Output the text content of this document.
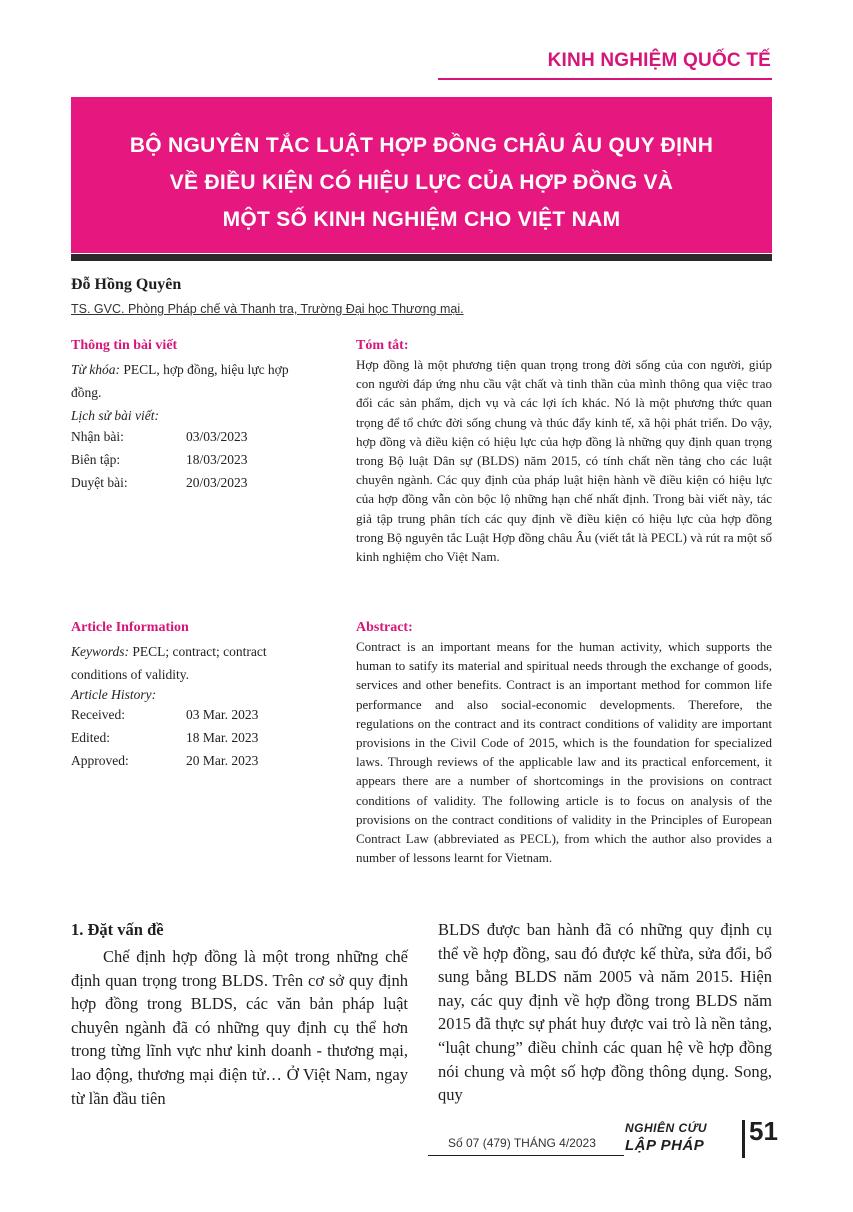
KINH NGHIỆM QUỐC TẾ
BỘ NGUYÊN TẮC LUẬT HỢP ĐỒNG CHÂU ÂU QUY ĐỊNH
VỀ ĐIỀU KIỆN CÓ HIỆU LỰC CỦA HỢP ĐỒNG VÀ
MỘT SỐ KINH NGHIỆM CHO VIỆT NAM
Đỗ Hồng Quyên
TS. GVC. Phòng Pháp chế và Thanh tra, Trường Đại học Thương mại.
Thông tin bài viết
Từ khóa: PECL, hợp đồng, hiệu lực hợp
đồng.
Lịch sử bài viết:
Nhận bài:	03/03/2023
Biên tập:	18/03/2023
Duyệt bài:	20/03/2023
Tóm tắt:
Hợp đồng là một phương tiện quan trọng trong đời sống của con người, giúp con người đáp ứng nhu cầu vật chất và tinh thần của mình thông qua việc trao đổi các sản phẩm, dịch vụ và các lợi ích khác. Nó là một phương thức quan trọng để tổ chức đời sống chung và thúc đẩy kinh tế, xã hội phát triển. Do vậy, hợp đồng và điều kiện có hiệu lực của hợp đồng là những quy định quan trọng trong Bộ luật Dân sự (BLDS) năm 2015, có tính chất nền tảng cho các luật chuyên ngành. Các quy định của pháp luật hiện hành về điều kiện có hiệu lực của hợp đồng vẫn còn bộc lộ những hạn chế nhất định. Trong bài viết này, tác giả tập trung phân tích các quy định về điều kiện có hiệu lực của hợp đồng trong Bộ nguyên tắc Luật Hợp đồng châu Âu (viết tắt là PECL) và rút ra một số kinh nghiệm cho Việt Nam.
Article Information
Keywords: PECL; contract; contract
conditions of validity.
Article History:
Received:	03 Mar. 2023
Edited:	18 Mar. 2023
Approved:	20 Mar. 2023
Abstract:
Contract is an important means for the human activity, which supports the human to satify its material and spiritual needs through the exchange of goods, services and other benefits. Contract is an important method for common life performance and also social-economic developments. Therefore, the regulations on the contract and its contract conditions of validity are important provisions in the Civil Code of 2015, which is the foundation for specialized laws. Through reviews of the applicable law and its practical enforcement, it appears there are a number of shortcomings in the provisions on contract conditions of validity. The following article is to focus on analysis of the provisions on the contract conditions of validity in the Principles of European Contract Law (abbreviated as PECL), from which the author also provides a number of lessons learnt for Vietnam.
1. Đặt vấn đề
Chế định hợp đồng là một trong những chế định quan trọng trong BLDS. Trên cơ sở quy định hợp đồng trong BLDS, các văn bản pháp luật chuyên ngành đã có những quy định cụ thể hơn trong từng lĩnh vực như kinh doanh - thương mại, lao động, thương mại điện tử… Ở Việt Nam, ngay từ lần đầu tiên
BLDS được ban hành đã có những quy định cụ thể về hợp đồng, sau đó được kế thừa, sửa đổi, bổ sung bằng BLDS năm 2005 và năm 2015. Hiện nay, các quy định về hợp đồng trong BLDS năm 2015 đã thực sự phát huy được vai trò là nền tảng, “luật chung” điều chỉnh các quan hệ về hợp đồng nói chung và một số hợp đồng thông dụng. Song, quy
Số 07 (479) THÁNG 4/2023
NGHIÊN CỨU
LẬP PHÁP 51
